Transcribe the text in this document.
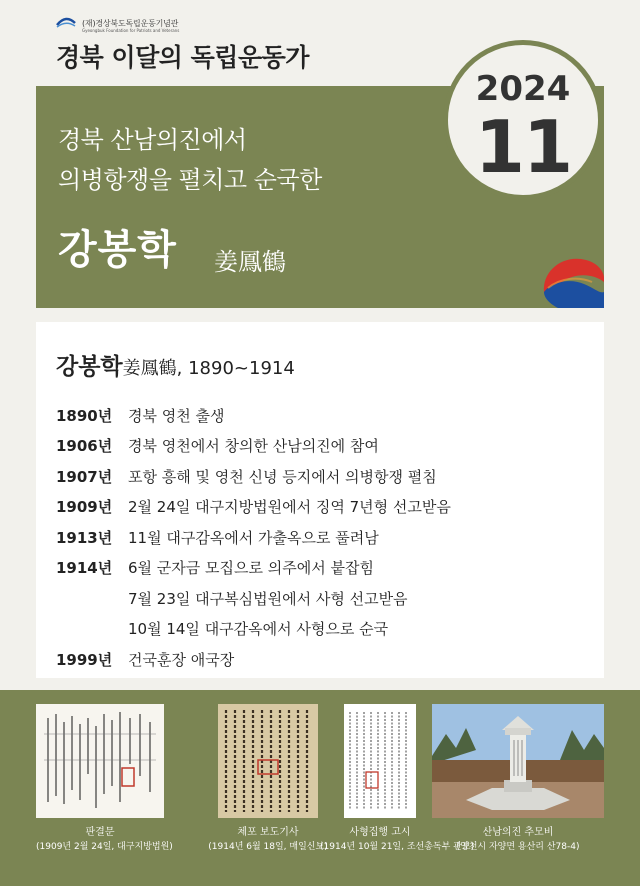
(재)경상북도독립운동기념관
Gyeongbuk Foundation for Patriots and Veterans
경북 이달의 독립운동가
경북 산남의진에서
의병항쟁을 펼치고 순국한
강봉학 姜鳳鶴
2024
11
강봉학姜鳳鶴, 1890~1914
1890년	경북 영천 출생
1906년	경북 영천에서 창의한 산남의진에 참여
1907년	포항 흥해 및 영천 신녕 등지에서 의병항쟁 펼침
1909년	2월 24일 대구지방법원에서 징역 7년형 선고받음
1913년	11월 대구감옥에서 가출옥으로 풀려남
1914년	6월 군자금 모집으로 의주에서 붙잡힘
7월 23일 대구복심법원에서 사형 선고받음
10월 14일 대구감옥에서 사형으로 순국
1999년	건국훈장 애국장
판결문
(1909년 2월 24일, 대구지방법원)
체포 보도기사
(1914년 6월 18일, 매일신보)
사형집행 고시
(1914년 10월 21일, 조선총독부 관보)
산남의진 추모비
(영천시 자양면 용산리 산78-4)
